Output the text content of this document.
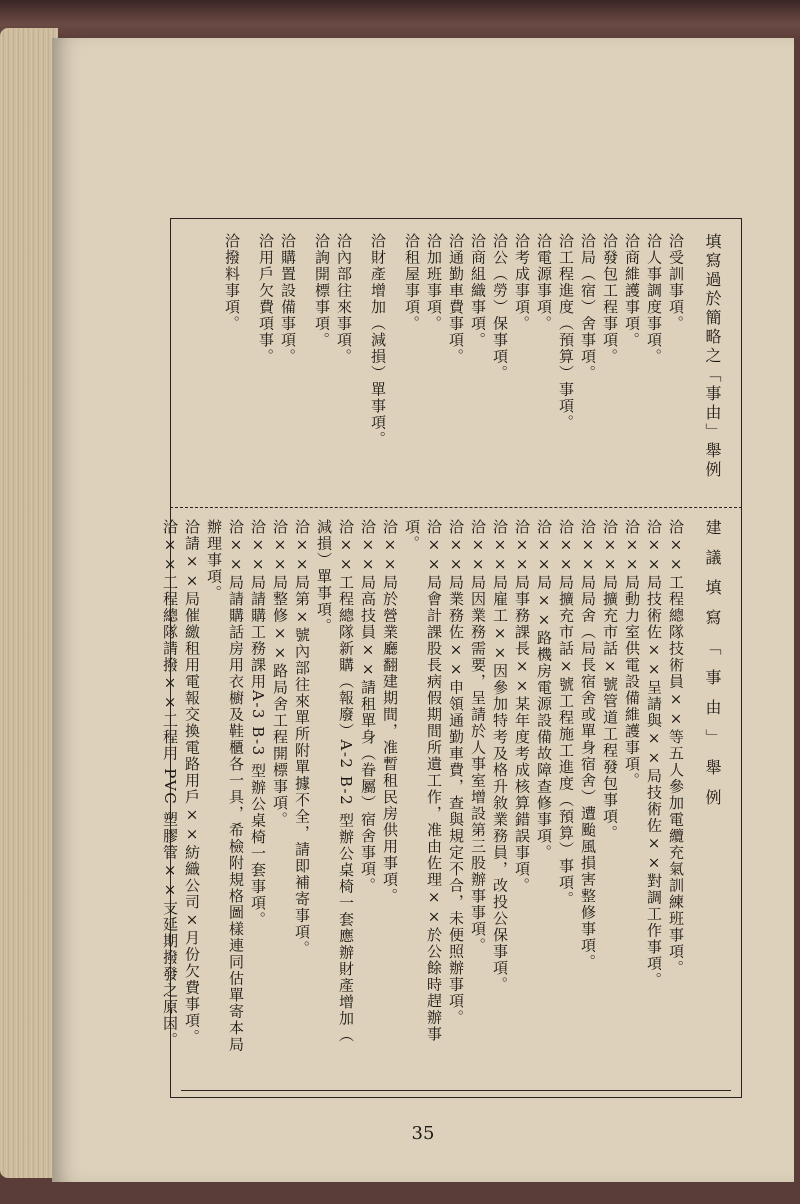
填寫過於簡略之「事由」舉例

洽受訓事項。

洽人事調度事項。

洽商維護事項。

洽發包工程事項。

洽局（宿）舍事項。

洽工程進度（預算）事項。

洽電源事項。

洽考成事項。

洽公（勞）保事項。

洽商組織事項。

洽通勤車費事項。

洽加班事項。

洽租屋事項。

洽財產增加（減損）單事項。

洽內部往來事項。

洽詢開標事項。

洽購置設備事項。

洽用戶欠費項事。

洽撥料事項。

建議填寫「事由」舉例

洽××工程總隊技術員××等五人參加電纜充氣訓練班事項。

洽××局技術佐××呈請與××局技術佐××對調工作事項。

洽××局動力室供電設備維護事項。

洽××局擴充市話×號管道工程發包事項。

洽××局局舍（局長宿舍或單身宿舍）遭颱風損害整修事項。

洽××局擴充市話×號工程施工進度（預算）事項。

洽××局××路機房電源設備故障查修事項。

洽××局事務課長××某年度考成核算錯誤事項。

洽××局雇工××因參加特考及格升敘業務員，改投公保事項。

洽××局因業務需要，呈請於人事室增設第三股辦事事項。

洽××局業務佐××申領通勤車費，查與規定不合，未便照辦事項。

洽××局會計課股長病假期間所遺工作，准由佐理××於公餘時趕辦事

項。

洽××局於營業廳翻建期間，准暫租民房供用事項。

洽××局高技員××請租單身（眷屬）宿舍事項。

洽××工程總隊新購（報廢）A-2 B-2 型辦公桌椅一套應辦財產增加（

減損）單事項。

洽××局第×號內部往來單所附單據不全，請即補寄事項。

洽××局整修××路局舍工程開標事項。

洽××局請購工務課用A-3 B-3 型辦公桌椅一套事項。

洽××局請購話房用衣櫥及鞋櫃各一具，希檢附規格圖樣連同估單寄本局

辦理事項。

洽請××局催繳租用電報交換電路用戶××紡織公司×月份欠費事項。

洽××工程總隊請撥××工程用 PVC 塑膠管××支延期撥發之原因。

35
